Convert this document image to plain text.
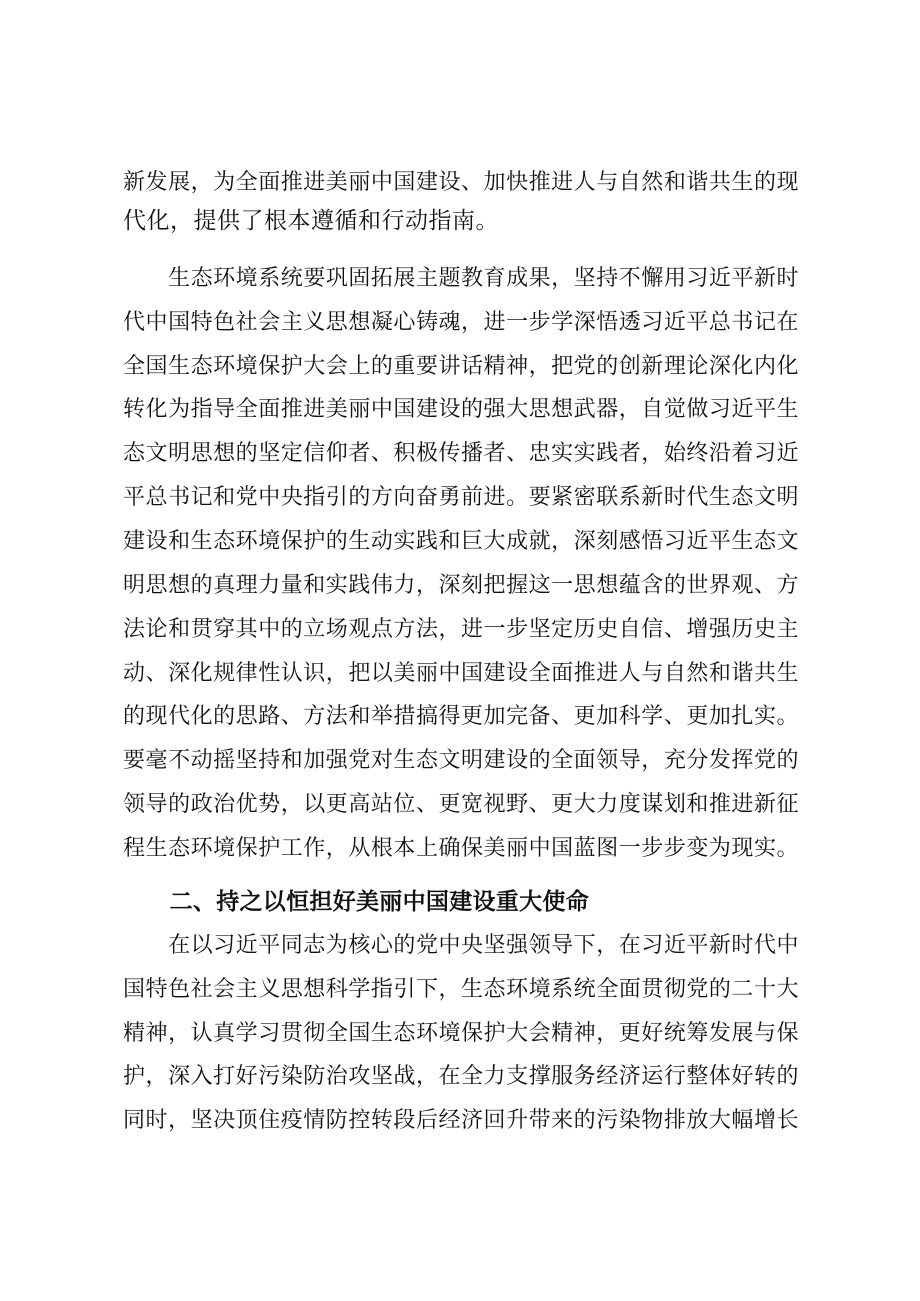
新发展，为全面推进美丽中国建设、加快推进人与自然和谐共生的现
代化，提供了根本遵循和行动指南。
　　生态环境系统要巩固拓展主题教育成果，坚持不懈用习近平新时
代中国特色社会主义思想凝心铸魂，进一步学深悟透习近平总书记在
全国生态环境保护大会上的重要讲话精神，把党的创新理论深化内化
转化为指导全面推进美丽中国建设的强大思想武器，自觉做习近平生
态文明思想的坚定信仰者、积极传播者、忠实实践者，始终沿着习近
平总书记和党中央指引的方向奋勇前进。要紧密联系新时代生态文明
建设和生态环境保护的生动实践和巨大成就，深刻感悟习近平生态文
明思想的真理力量和实践伟力，深刻把握这一思想蕴含的世界观、方
法论和贯穿其中的立场观点方法，进一步坚定历史自信、增强历史主
动、深化规律性认识，把以美丽中国建设全面推进人与自然和谐共生
的现代化的思路、方法和举措搞得更加完备、更加科学、更加扎实。
要毫不动摇坚持和加强党对生态文明建设的全面领导，充分发挥党的
领导的政治优势，以更高站位、更宽视野、更大力度谋划和推进新征
程生态环境保护工作，从根本上确保美丽中国蓝图一步步变为现实。
　　二、持之以恒担好美丽中国建设重大使命
　　在以习近平同志为核心的党中央坚强领导下，在习近平新时代中
国特色社会主义思想科学指引下，生态环境系统全面贯彻党的二十大
精神，认真学习贯彻全国生态环境保护大会精神，更好统筹发展与保
护，深入打好污染防治攻坚战，在全力支撑服务经济运行整体好转的
同时，坚决顶住疫情防控转段后经济回升带来的污染物排放大幅增长
